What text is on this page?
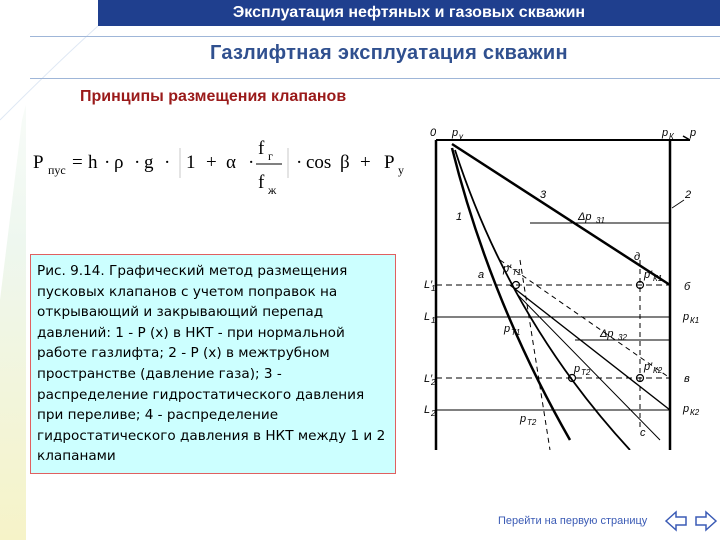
Эксплуатация нефтяных и газовых скважин
Газлифтная эксплуатация скважин
Принципы размещения клапанов
P пус = h · ρ · g · 1 + α ·
f г
f ж
· cos β + P у
Рис. 9.14. Графический метод размещения пусковых клапанов с учетом поправок на открывающий и закрывающий перепад давлений: 1 - P (x) в НКТ - при нормальной работе газлифта; 2 - P (x) в межтрубном пространстве (давление газа); 3 - распределение гидростатического давления при переливе; 4 - распределение гидростатического давления в НКТ между 1 и 2 клапанами
0 p у	p К p
2
3
1	Δp 31
Δp 32
p′ Т1	p′ К1
p Т1
p К1
p Т2	p′ К2
p Т2
p К2
L′
1
L 1
L′
2
L 2
а
б
в
д
с
Перейти на первую страницу
